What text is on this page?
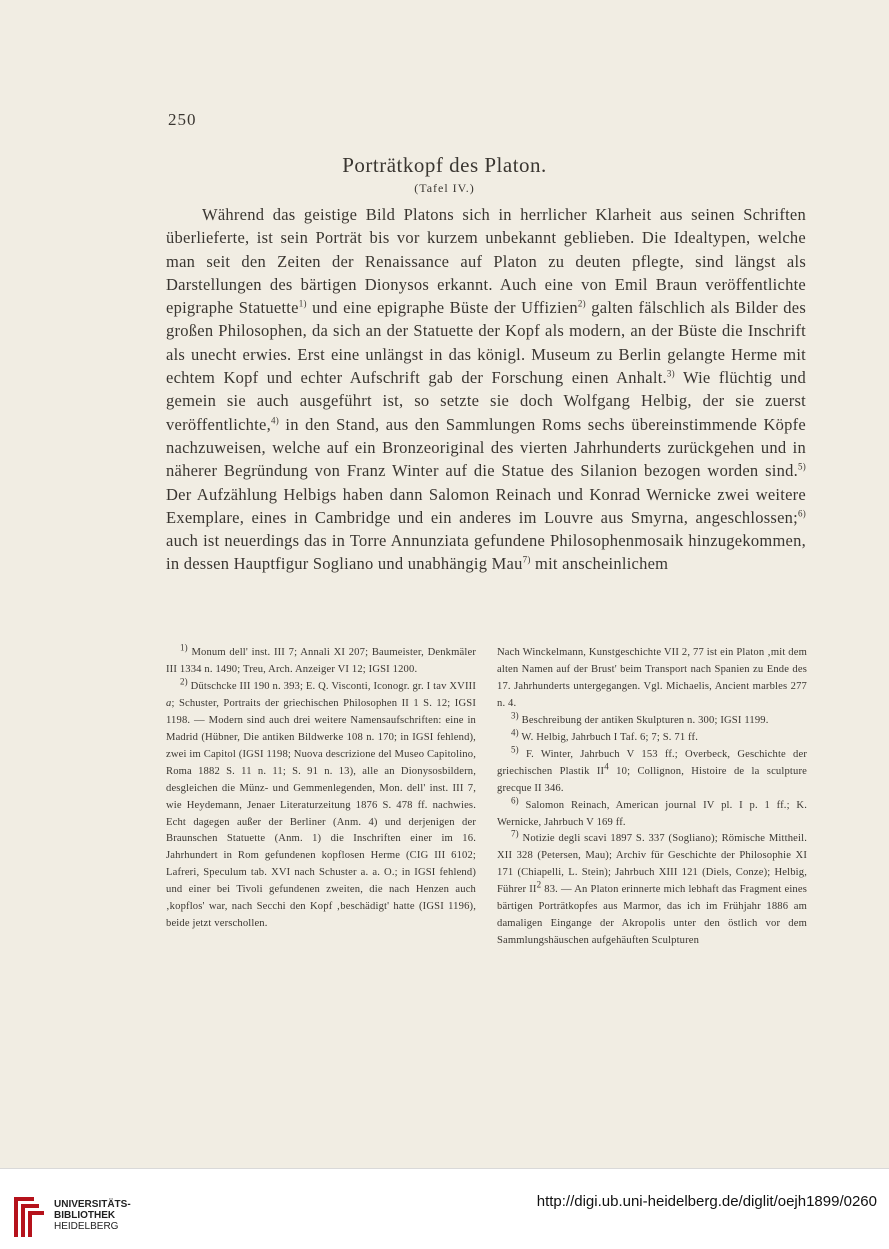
250
Porträtkopf des Platon.
(Tafel IV.)

Während das geistige Bild Platons sich in herrlicher Klarheit aus seinen Schriften überlieferte, ist sein Porträt bis vor kurzem unbekannt geblieben. Die Idealtypen, welche man seit den Zeiten der Renaissance auf Platon zu deuten pflegte, sind längst als Darstellungen des bärtigen Dionysos erkannt. Auch eine von Emil Braun veröffentlichte epigraphe Statuette$^{1)}$ und eine epigraphe Büste der Uffizien$^{2)}$ galten fälschlich als Bilder des großen Philosophen, da sich an der Statuette der Kopf als modern, an der Büste die Inschrift als unecht erwies. Erst eine unlängst in das königl. Museum zu Berlin gelangte Herme mit echtem Kopf und echter Aufschrift gab der Forschung einen Anhalt.$^{3)}$ Wie flüchtig und gemein sie auch ausgeführt ist, so setzte sie doch Wolfgang Helbig, der sie zuerst veröffentlichte,$^{4)}$ in den Stand, aus den Sammlungen Roms sechs übereinstimmende Köpfe nachzuweisen, welche auf ein Bronzeoriginal des vierten Jahrhunderts zurückgehen und in näherer Begründung von Franz Winter auf die Statue des Silanion bezogen worden sind.$^{5)}$ Der Aufzählung Helbigs haben dann Salomon Reinach und Konrad Wernicke zwei weitere Exemplare, eines in Cambridge und ein anderes im Louvre aus Smyrna, angeschlossen;$^{6)}$ auch ist neuerdings das in Torre Annunziata gefundene Philosophenmosaik hinzugekommen, in dessen Hauptfigur Sogliano und unabhängig Mau$^{7)}$ mit anscheinlichem

$^{1)}$ Monum dell' inst. III 7; Annali XI 207; Baumeister, Denkmäler III 1334 n. 1490; Treu, Arch. Anzeiger VI 12; IGSI 1200.

$^{2)}$ Dütschcke III 190 n. 393; E. Q. Visconti, Iconogr. gr. I tav XVIII a; Schuster, Portraits der griechischen Philosophen II 1 S. 12; IGSI 1198. — Modern sind auch drei weitere Namensaufschriften: eine in Madrid (Hübner, Die antiken Bildwerke 108 n. 170; in IGSI fehlend), zwei im Capitol (IGSI 1198; Nuova descrizione del Museo Capitolino, Roma 1882 S. 11 n. 11; S. 91 n. 13), alle an Dionysosbildern, desgleichen die Münz- und Gemmenlegenden, Mon. dell' inst. III 7, wie Heydemann, Jenaer Literaturzeitung 1876 S. 478 ff. nachwies. Echt dagegen außer der Berliner (Anm. 4) und derjenigen der Braunschen Statuette (Anm. 1) die Inschriften einer im 16. Jahrhundert in Rom gefundenen kopflosen Herme (CIG III 6102; Lafreri, Speculum tab. XVI nach Schuster a. a. O.; in IGSI fehlend) und einer bei Tivoli gefundenen zweiten, die nach Henzen auch ‚kopflos' war, nach Secchi den Kopf ‚beschädigt' hatte (IGSI 1196), beide jetzt verschollen.

Nach Winckelmann, Kunstgeschichte VII 2, 77 ist ein Platon ‚mit dem alten Namen auf der Brust' beim Transport nach Spanien zu Ende des 17. Jahrhunderts untergegangen. Vgl. Michaelis, Ancient marbles 277 n. 4.

$^{3)}$ Beschreibung der antiken Skulpturen n. 300; IGSI 1199.

$^{4)}$ W. Helbig, Jahrbuch I Taf. 6; 7; S. 71 ff.

$^{5)}$ F. Winter, Jahrbuch V 153 ff.; Overbeck, Geschichte der griechischen Plastik $II^4$ 10; Collignon, Histoire de la sculpture grecque II 346.

$^{6)}$ Salomon Reinach, American journal IV pl. I p. 1 ff.; K. Wernicke, Jahrbuch V 169 ff.

$^{7)}$ Notizie degli scavi 1897 S. 337 (Sogliano); Römische Mittheil. XII 328 (Petersen, Mau); Archiv für Geschichte der Philosophie XI 171 (Chiapelli, L. Stein); Jahrbuch XIII 121 (Diels, Conze); Helbig, Führer $II^2$ 83. — An Platon erinnerte mich lebhaft das Fragment eines bärtigen Porträtkopfes aus Marmor, das ich im Frühjahr 1886 am damaligen Eingange der Akropolis unter den östlich vor dem Sammlungshäuschen aufgehäuften Sculpturen

UNIVERSITÄTS-
BIBLIOTHEK
HEIDELBERG
http://digi.ub.uni-heidelberg.de/diglit/oejh1899/0260
